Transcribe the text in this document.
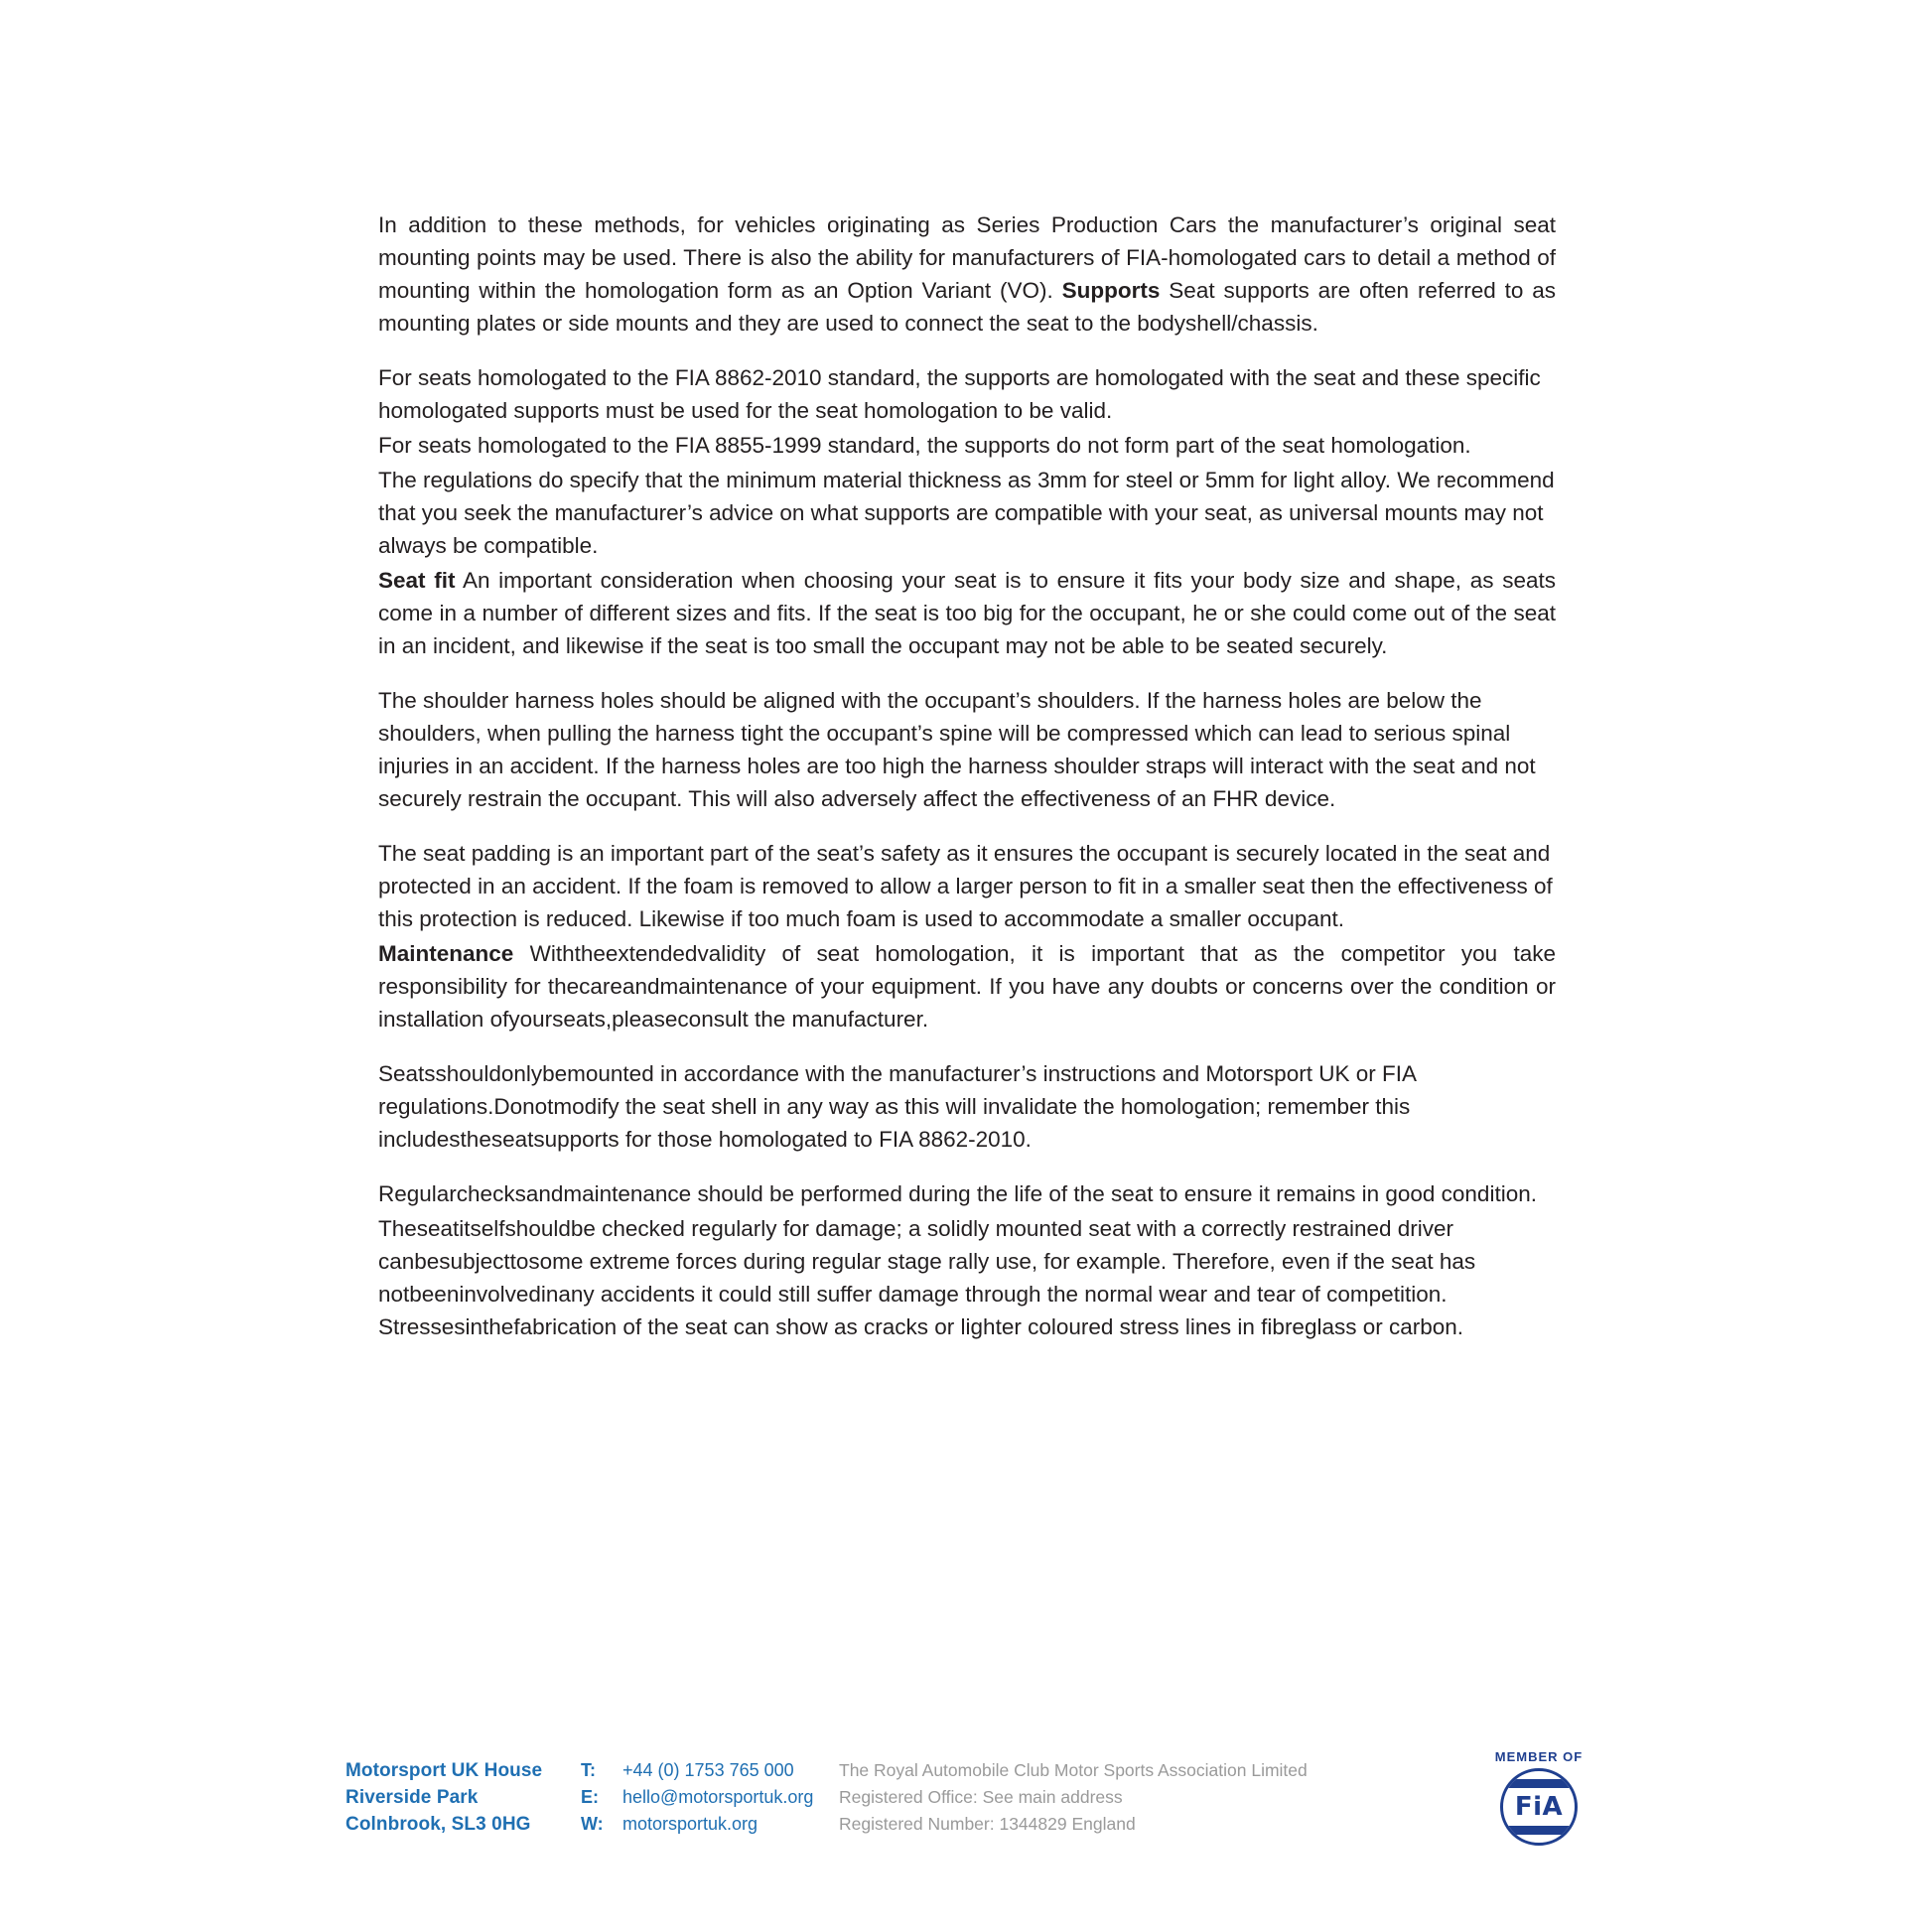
In addition to these methods, for vehicles originating as Series Production Cars the manufacturer’s original seat mounting points may be used. There is also the ability for manufacturers of FIA-homologated cars to detail a method of mounting within the homologation form as an Option Variant (VO). Supports Seat supports are often referred to as mounting plates or side mounts and they are used to connect the seat to the bodyshell/chassis.

For seats homologated to the FIA 8862-2010 standard, the supports are homologated with the seat and these specific homologated supports must be used for the seat homologation to be valid.

For seats homologated to the FIA 8855-1999 standard, the supports do not form part of the seat homologation.

The regulations do specify that the minimum material thickness as 3mm for steel or 5mm for light alloy. We recommend that you seek the manufacturer’s advice on what supports are compatible with your seat, as universal mounts may not always be compatible.

Seat fit An important consideration when choosing your seat is to ensure it fits your body size and shape, as seats come in a number of different sizes and fits. If the seat is too big for the occupant, he or she could come out of the seat in an incident, and likewise if the seat is too small the occupant may not be able to be seated securely.

The shoulder harness holes should be aligned with the occupant’s shoulders. If the harness holes are below the shoulders, when pulling the harness tight the occupant’s spine will be compressed which can lead to serious spinal injuries in an accident. If the harness holes are too high the harness shoulder straps will interact with the seat and not securely restrain the occupant. This will also adversely affect the effectiveness of an FHR device.

The seat padding is an important part of the seat’s safety as it ensures the occupant is securely located in the seat and protected in an accident. If the foam is removed to allow a larger person to fit in a smaller seat then the effectiveness of this protection is reduced. Likewise if too much foam is used to accommodate a smaller occupant.

Maintenance Withtheextendedvalidity of seat homologation, it is important that as the competitor you take responsibility for thecareandmaintenance of your equipment. If you have any doubts or concerns over the condition or installation ofyourseats,pleaseconsult the manufacturer.

Seatsshouldonlybemounted in accordance with the manufacturer’s instructions and Motorsport UK or FIA regulations.Donotmodify the seat shell in any way as this will invalidate the homologation; remember this includestheseatsupports for those homologated to FIA 8862-2010.

Regularchecksandmaintenance should be performed during the life of the seat to ensure it remains in good condition.

Theseatitselfshouldbe checked regularly for damage; a solidly mounted seat with a correctly restrained driver canbesubjecttosome extreme forces during regular stage rally use, for example. Therefore, even if the seat has notbeeninvolvedinany accidents it could still suffer damage through the normal wear and tear of competition. Stressesinthefabrication of the seat can show as cracks or lighter coloured stress lines in fibreglass or carbon.

Motorsport UK House
Riverside Park
Colnbrook, SL3 0HG
T:	+44 (0) 1753 765 000
E:	hello@motorsportuk.org
W:	motorsportuk.org
The Royal Automobile Club Motor Sports Association Limited
Registered Office: See main address
Registered Number: 1344829 England
MEMBER OF
FiA
